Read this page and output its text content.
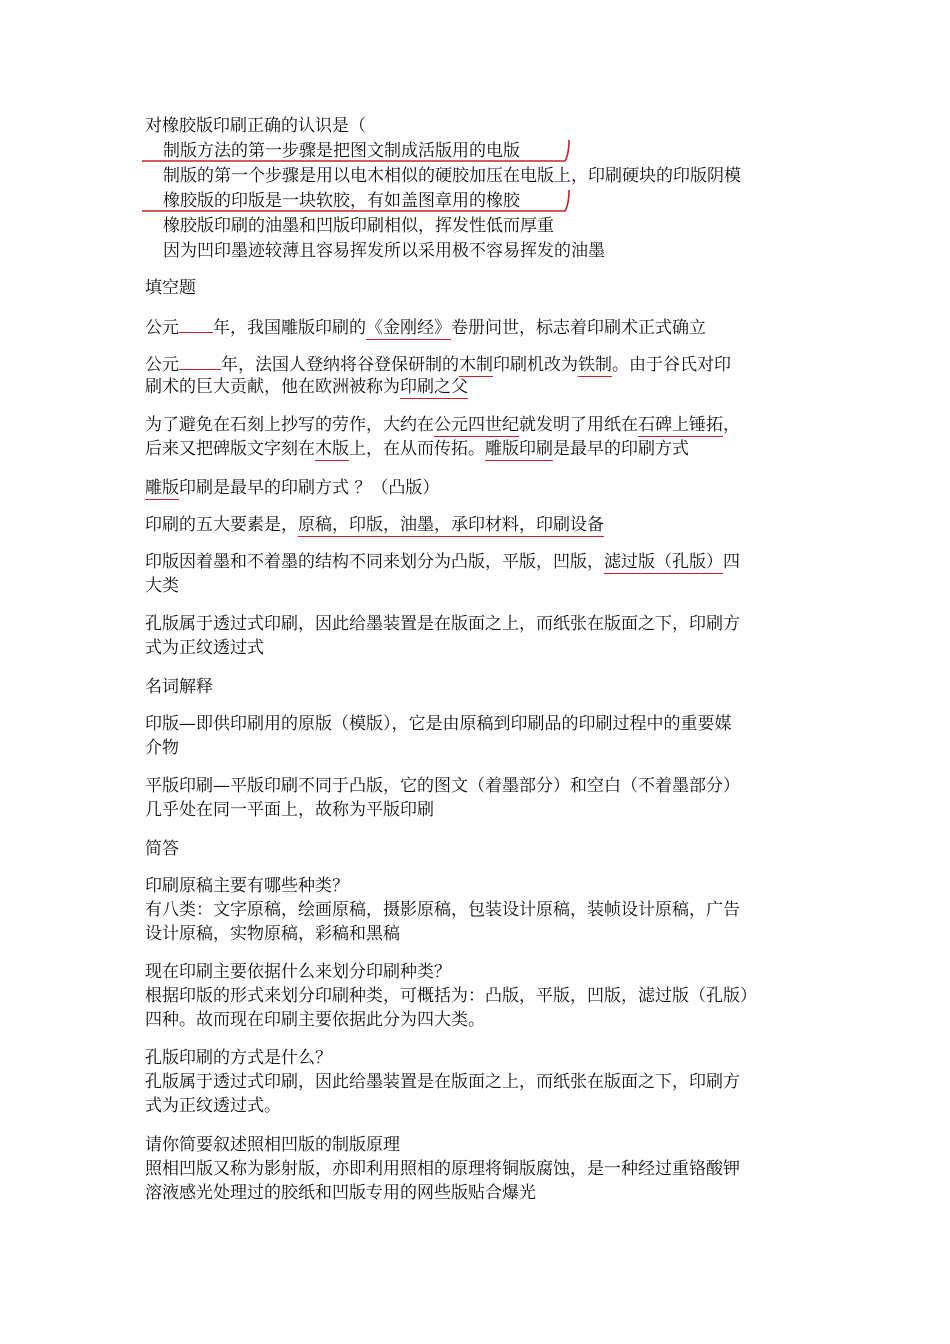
对橡胶版印刷正确的认识是（
制版方法的第一步骤是把图文制成活版用的电版
制版的第一个步骤是用以电木相似的硬胶加压在电版上，印刷硬块的印版阴模
橡胶版的印版是一块软胶，有如盖图章用的橡胶
橡胶版印刷的油墨和凹版印刷相似，挥发性低而厚重
因为凹印墨迹较薄且容易挥发所以采用极不容易挥发的油墨
填空题
公元 年，我国雕版印刷的《金刚经》卷册问世，标志着印刷术正式确立
公元 年，法国人登纳将谷登保研制的木制印刷机改为铁制。由于谷氏对印
刷术的巨大贡献，他在欧洲被称为印刷之父
为了避免在石刻上抄写的劳作，大约在公元四世纪就发明了用纸在石碑上锤拓，
后来又把碑版文字刻在木版上，在从而传拓。雕版印刷是最早的印刷方式
雕版印刷是最早的印刷方式 ？（凸版）
印刷的五大要素是，原稿，印版，油墨，承印材料，印刷设备
印版因着墨和不着墨的结构不同来划分为凸版，平版，凹版，滤过版（孔版）四
大类
孔版属于透过式印刷，因此给墨装置是在版面之上，而纸张在版面之下，印刷方
式为正纹透过式
名词解释
印版—即供印刷用的原版（模版），它是由原稿到印刷品的印刷过程中的重要媒
介物
平版印刷—平版印刷不同于凸版，它的图文（着墨部分）和空白（不着墨部分）
几乎处在同一平面上，故称为平版印刷
简答
印刷原稿主要有哪些种类？
有八类：文字原稿，绘画原稿，摄影原稿，包装设计原稿，装帧设计原稿，广告
设计原稿，实物原稿，彩稿和黑稿
现在印刷主要依据什么来划分印刷种类？
根据印版的形式来划分印刷种类，可概括为：凸版，平版，凹版，滤过版（孔版）
四种。故而现在印刷主要依据此分为四大类。
孔版印刷的方式是什么？
孔版属于透过式印刷，因此给墨装置是在版面之上，而纸张在版面之下，印刷方
式为正纹透过式。
请你简要叙述照相凹版的制版原理
照相凹版又称为影射版，亦即利用照相的原理将铜版腐蚀，是一种经过重铬酸钾
溶液感光处理过的胶纸和凹版专用的网些版贴合爆光
